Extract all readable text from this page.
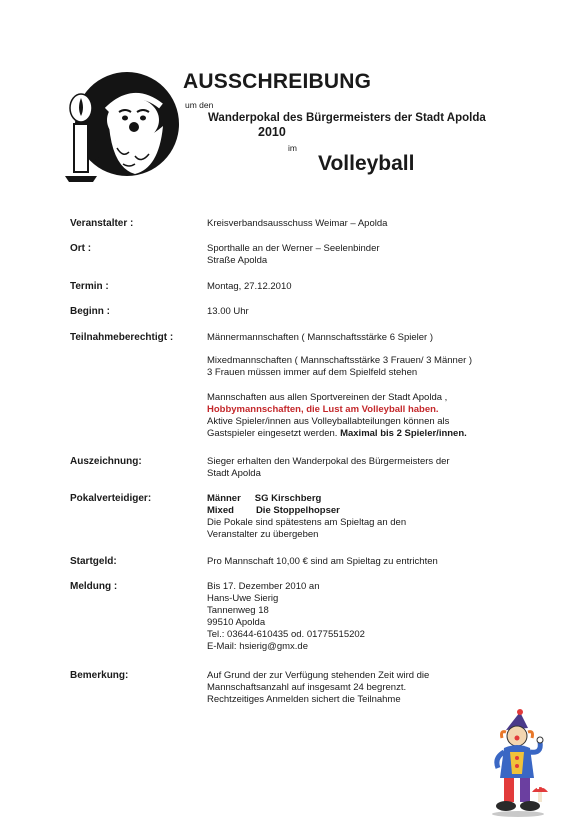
AUSSCHREIBUNG
um den
Wanderpokal des Bürgermeisters der Stadt Apolda
2010
im
Volleyball
Veranstalter :	Kreisverbandsausschuss Weimar – Apolda
Ort :	Sporthalle an der Werner – Seelenbinder
Straße Apolda
Termin :	Montag, 27.12.2010
Beginn :	13.00 Uhr
Teilnahmeberechtigt :	Männermannschaften ( Mannschaftsstärke 6 Spieler )
Mixedmannschaften ( Mannschaftsstärke 3 Frauen/ 3 Männer )
3 Frauen müssen immer auf dem Spielfeld stehen
Mannschaften aus allen Sportvereinen der Stadt Apolda ,
Hobbymannschaften, die Lust am Volleyball haben.
Aktive Spieler/innen aus Volleyballabteilungen können als
Gastspieler eingesetzt werden. Maximal bis 2 Spieler/innen.
Auszeichnung:	Sieger erhalten den Wanderpokal des Bürgermeisters der
Stadt Apolda
Pokalverteidiger:	Männer SG Kirschberg
Mixed Die Stoppelhopser
Die Pokale sind spätestens am Spieltag an den
Veranstalter zu übergeben
Startgeld:	Pro Mannschaft 10,00 € sind am Spieltag zu entrichten
Meldung :	Bis 17. Dezember 2010 an
Hans-Uwe Sierig
Tannenweg 18
99510 Apolda
Tel.: 03644-610435 od. 01775515202
E-Mail: hsierig@gmx.de
Bemerkung:	Auf Grund der zur Verfügung stehenden Zeit wird die
Mannschaftsanzahl auf insgesamt 24 begrenzt.
Rechtzeitiges Anmelden sichert die Teilnahme
